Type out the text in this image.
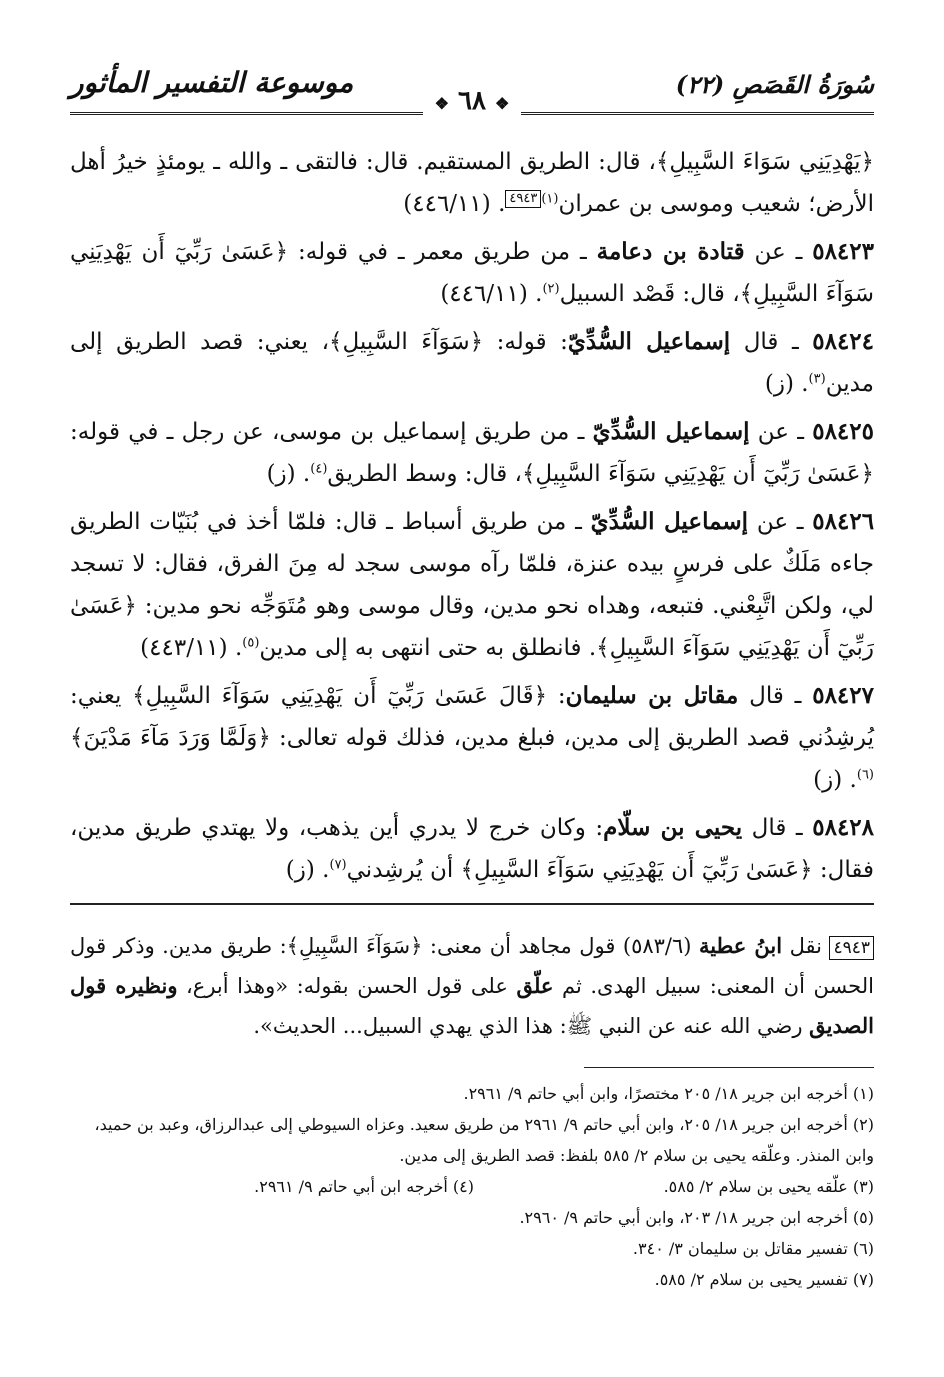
سُورَةُ القَصَصِ (٢٢)
موسوعة التفسير المأثور
❖ ٦٨ ❖

﴿يَهْدِيَنِي سَوَاءَ السَّبِيلِ﴾، قال: الطريق المستقيم. قال: فالتقى ـ والله ـ يومئذٍ خيرُ أهل الأرض؛ شعيب وموسى بن عمران$^{(١)}$٤٩٤٣. (٤٤٦/١١)

٥٨٤٢٣ ـ عن قتادة بن دعامة ـ من طريق معمر ـ في قوله: ﴿عَسَىٰ رَبِّيٓ أَن يَهْدِيَنِي سَوَآءَ السَّبِيلِ﴾، قال: قَصْد السبيل$^{(٢)}$. (٤٤٦/١١)

٥٨٤٢٤ ـ قال إسماعيل السُّدِّيّ: قوله: ﴿سَوَآءَ السَّبِيلِ﴾، يعني: قصد الطريق إلى مدين$^{(٣)}$. (ز)

٥٨٤٢٥ ـ عن إسماعيل السُّدِّيّ ـ من طريق إسماعيل بن موسى، عن رجل ـ في قوله: ﴿عَسَىٰ رَبِّيٓ أَن يَهْدِيَنِي سَوَآءَ السَّبِيلِ﴾، قال: وسط الطريق$^{(٤)}$. (ز)

٥٨٤٢٦ ـ عن إسماعيل السُّدِّيّ ـ من طريق أسباط ـ قال: فلمّا أخذ في بُنَيّات الطريق جاءه مَلَكٌ على فرسٍ بيده عنزة، فلمّا رآه موسى سجد له مِنَ الفرق، فقال: لا تسجد لي، ولكن اتَّبِعْني. فتبعه، وهداه نحو مدين، وقال موسى وهو مُتَوَجِّه نحو مدين: ﴿عَسَىٰ رَبِّيٓ أَن يَهْدِيَنِي سَوَآءَ السَّبِيلِ﴾. فانطلق به حتى انتهى به إلى مدين$^{(٥)}$. (٤٤٣/١١)

٥٨٤٢٧ ـ قال مقاتل بن سليمان: ﴿قَالَ عَسَىٰ رَبِّيٓ أَن يَهْدِيَنِي سَوَآءَ السَّبِيلِ﴾ يعني: يُرشِدُني قصد الطريق إلى مدين، فبلغ مدين، فذلك قوله تعالى: ﴿وَلَمَّا وَرَدَ مَآءَ مَدْيَنَ﴾$^{(٦)}$. (ز)

٥٨٤٢٨ ـ قال يحيى بن سلّام: وكان خرج لا يدري أين يذهب، ولا يهتدي طريق مدين، فقال: ﴿عَسَىٰ رَبِّيٓ أَن يَهْدِيَنِي سَوَآءَ السَّبِيلِ﴾ أن يُرشِدني$^{(٧)}$. (ز)

٤٩٤٣ نقل ابنُ عطية (٥٨٣/٦) قول مجاهد أن معنى: ﴿سَوَآءَ السَّبِيلِ﴾: طريق مدين. وذكر قول الحسن أن المعنى: سبيل الهدى. ثم علّق على قول الحسن بقوله: «وهذا أبرع، ونظيره قول الصديق رضي الله عنه عن النبي ﷺ: هذا الذي يهدي السبيل... الحديث».

(١) أخرجه ابن جرير ١٨/ ٢٠٥ مختصرًا، وابن أبي حاتم ٩/ ٢٩٦١.

(٢) أخرجه ابن جرير ١٨/ ٢٠٥، وابن أبي حاتم ٩/ ٢٩٦١ من طريق سعيد. وعزاه السيوطي إلى عبدالرزاق، وعبد بن حميد، وابن المنذر. وعلّقه يحيى بن سلام ٢/ ٥٨٥ بلفظ: قصد الطريق إلى مدين.

(٣) علّقه يحيى بن سلام ٢/ ٥٨٥.
(٤) أخرجه ابن أبي حاتم ٩/ ٢٩٦١.

(٥) أخرجه ابن جرير ١٨/ ٢٠٣، وابن أبي حاتم ٩/ ٢٩٦٠.

(٦) تفسير مقاتل بن سليمان ٣/ ٣٤٠.

(٧) تفسير يحيى بن سلام ٢/ ٥٨٥.
